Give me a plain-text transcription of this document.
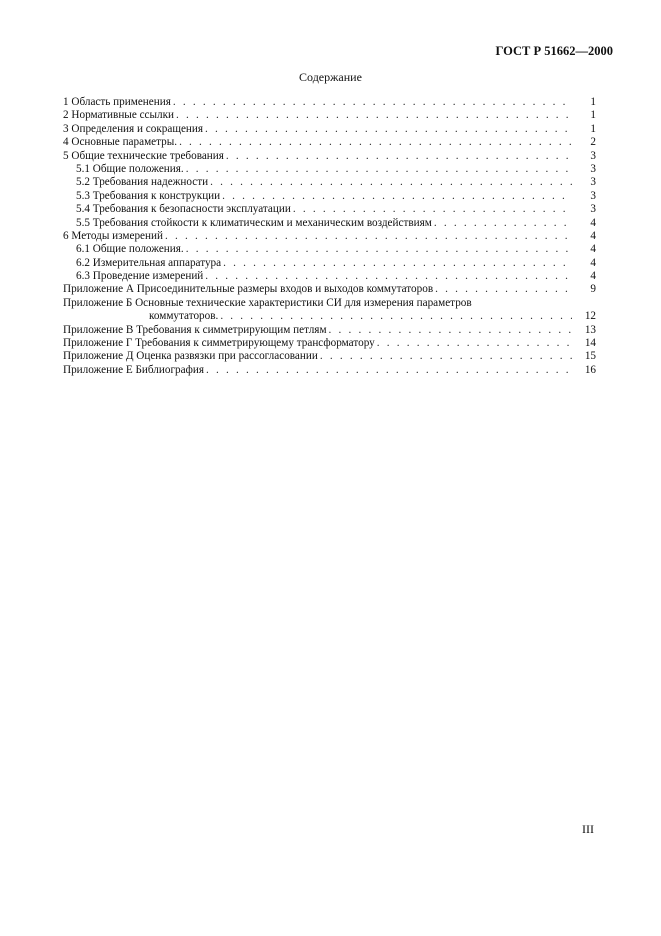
ГОСТ Р 51662—2000
Содержание
1 Область применения . . .	1
2 Нормативные ссылки . . .	1
3 Определения и сокращения . . .	1
4 Основные параметры. . . .	2
5 Общие технические требования . . .	3
5.1 Общие положения. . . .	3
5.2 Требования надежности . . .	3
5.3 Требования к конструкции . . .	3
5.4 Требования к безопасности эксплуатации . . .	3
5.5 Требования стойкости к климатическим и механическим воздействиям . . .	4
6 Методы измерений . . .	4
6.1 Общие положения. . . .	4
6.2 Измерительная аппаратура . . .	4
6.3 Проведение измерений . . .	4
Приложение А Присоединительные размеры входов и выходов коммутаторов . . .	9
Приложение Б Основные технические характеристики СИ для измерения параметров
коммутаторов. . . .	12
Приложение В Требования к симметрирующим петлям . . .	13
Приложение Г Требования к симметрирующему трансформатору . . .	14
Приложение Д Оценка развязки при рассогласовании . . .	15
Приложение Е Библиография . . .	16
III
